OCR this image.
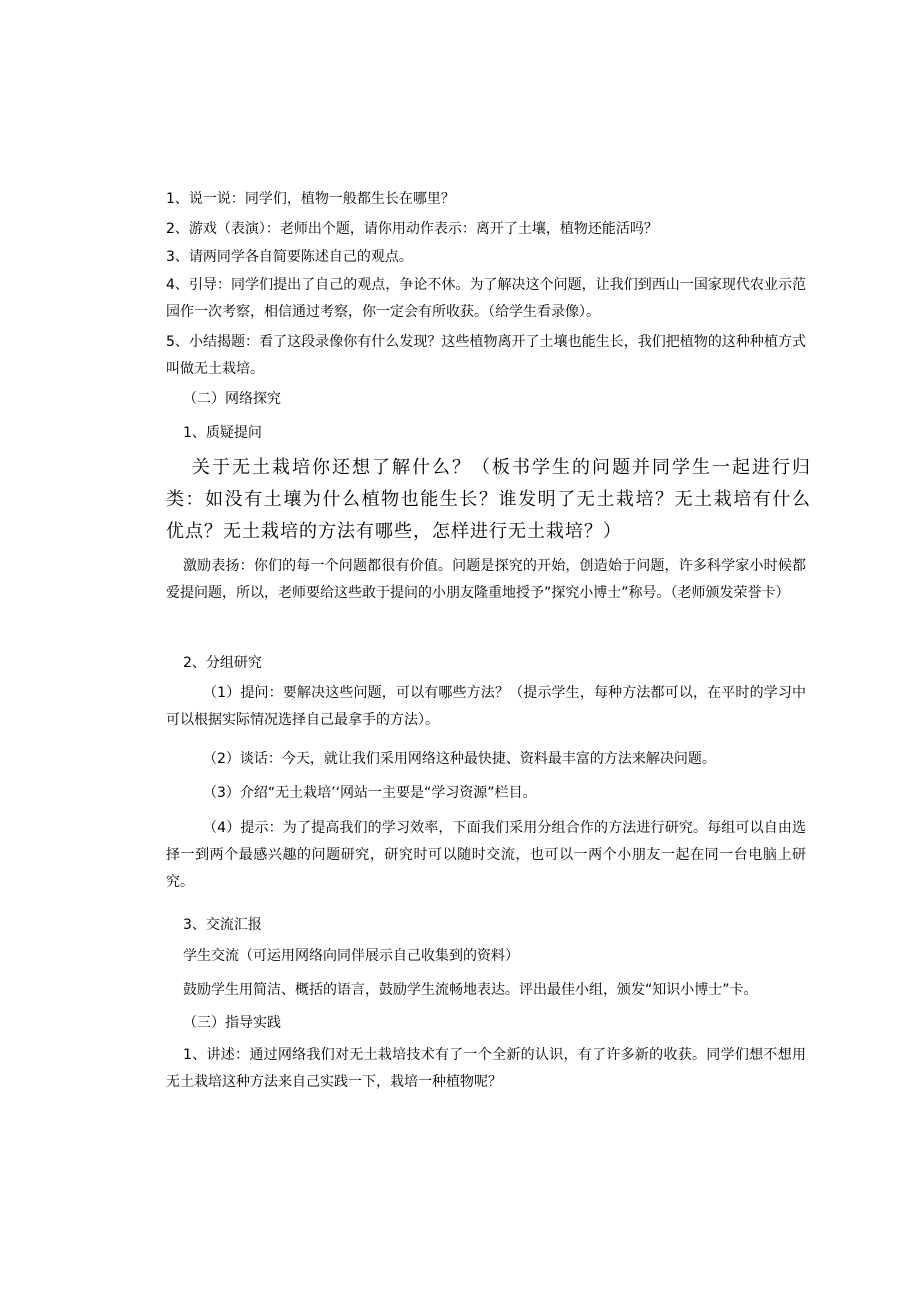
1、说一说：同学们，植物一般都生长在哪里？

2、游戏（表演）：老师出个题，请你用动作表示：离开了土壤，植物还能活吗？

3、请两同学各自简要陈述自己的观点。

4、引导：同学们提出了自己的观点，争论不休。为了解决这个问题，让我们到西山一国家现代农业示范园作一次考察，相信通过考察，你一定会有所收获。（给学生看录像）。

5、小结揭题：看了这段录像你有什么发现？这些植物离开了土壤也能生长，我们把植物的这种种植方式叫做无土栽培。

（二）网络探究

1、质疑提问

关于无土栽培你还想了解什么？（板书学生的问题并同学生一起进行归类：如没有土壤为什么植物也能生长？谁发明了无土栽培？无土栽培有什么优点？无土栽培的方法有哪些，怎样进行无土栽培？）

激励表扬：你们的每一个问题都很有价值。问题是探究的开始，创造始于问题，许多科学家小时候都爱提问题，所以，老师要给这些敢于提问的小朋友隆重地授予”探究小博士”称号。（老师颁发荣誉卡）

2、分组研究

（1）提问：要解决这些问题，可以有哪些方法？（提示学生，每种方法都可以，在平时的学习中可以根据实际情况选择自己最拿手的方法）。

（2）谈话：今天，就让我们采用网络这种最快捷、资料最丰富的方法来解决问题。

（3）介绍“无土栽培’‘网站一主要是“学习资源”栏目。

（4）提示：为了提高我们的学习效率，下面我们采用分组合作的方法进行研究。每组可以自由选择一到两个最感兴趣的问题研究，研究时可以随时交流，也可以一两个小朋友一起在同一台电脑上研究。

3、交流汇报

学生交流（可运用网络向同伴展示自己收集到的资料）

鼓励学生用简洁、概括的语言，鼓励学生流畅地表达。评出最佳小组，颁发“知识小博士”卡。

（三）指导实践

1、讲述：通过网络我们对无土栽培技术有了一个全新的认识，有了许多新的收获。同学们想不想用无土栽培这种方法来自己实践一下，栽培一种植物呢？
